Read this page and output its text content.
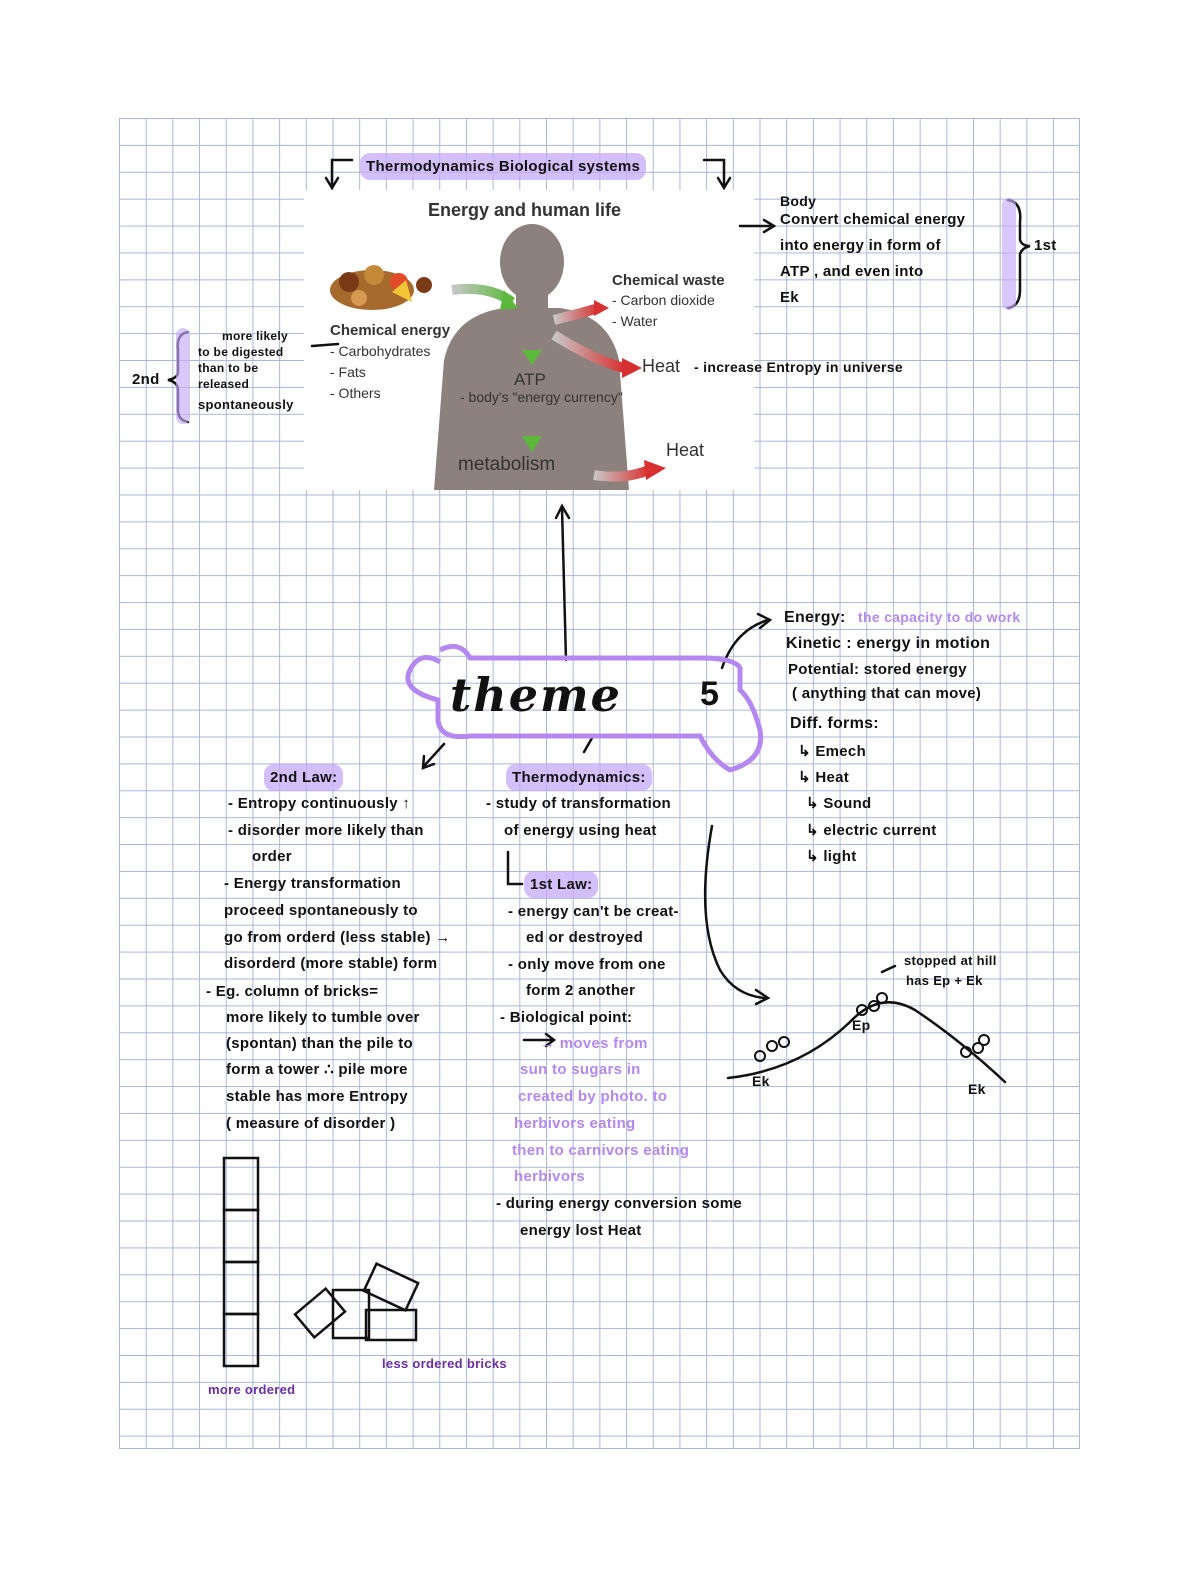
Thermodynamics Biological systems
Energy and human life
Chemical energy
- Carbohydrates
- Fats
- Others
Chemical waste
- Carbon dioxide
- Water
Heat
ATP
- body's "energy currency"
metabolism
Heat
Body
Convert chemical energy
into energy in form of
ATP , and even into
Ek
1st
- increase Entropy in universe
more likely
to be digested
than to be
released
spontaneously
2nd
theme 5
Energy: the capacity to do work
Kinetic : energy in motion
Potential: stored energy
( anything that can move)
Diff. forms:
↳ Emech
↳ Heat
↳ Sound
↳ electric current
↳ light
2nd Law:
- Entropy continuously ↑
- disorder more likely than
order
- Energy transformation
proceed spontaneously to
go from orderd (less stable) →
disorderd (more stable) form
- Eg. column of bricks=
more likely to tumble over
(spontan) than the pile to
form a tower ∴ pile more
stable has more Entropy
( measure of disorder )
Thermodynamics:
- study of transformation
of energy using heat
1st Law:
- energy can't be creat-
ed or destroyed
- only move from one
form 2 another
- Biological point:
→ moves from
sun to sugars in
created by photo. to
herbivors eating
then to carnivors eating
herbivors
- during energy conversion some
energy lost Heat
stopped at hill
has Ep + Ek
Ek
Ep
Ek
more ordered
less ordered bricks
